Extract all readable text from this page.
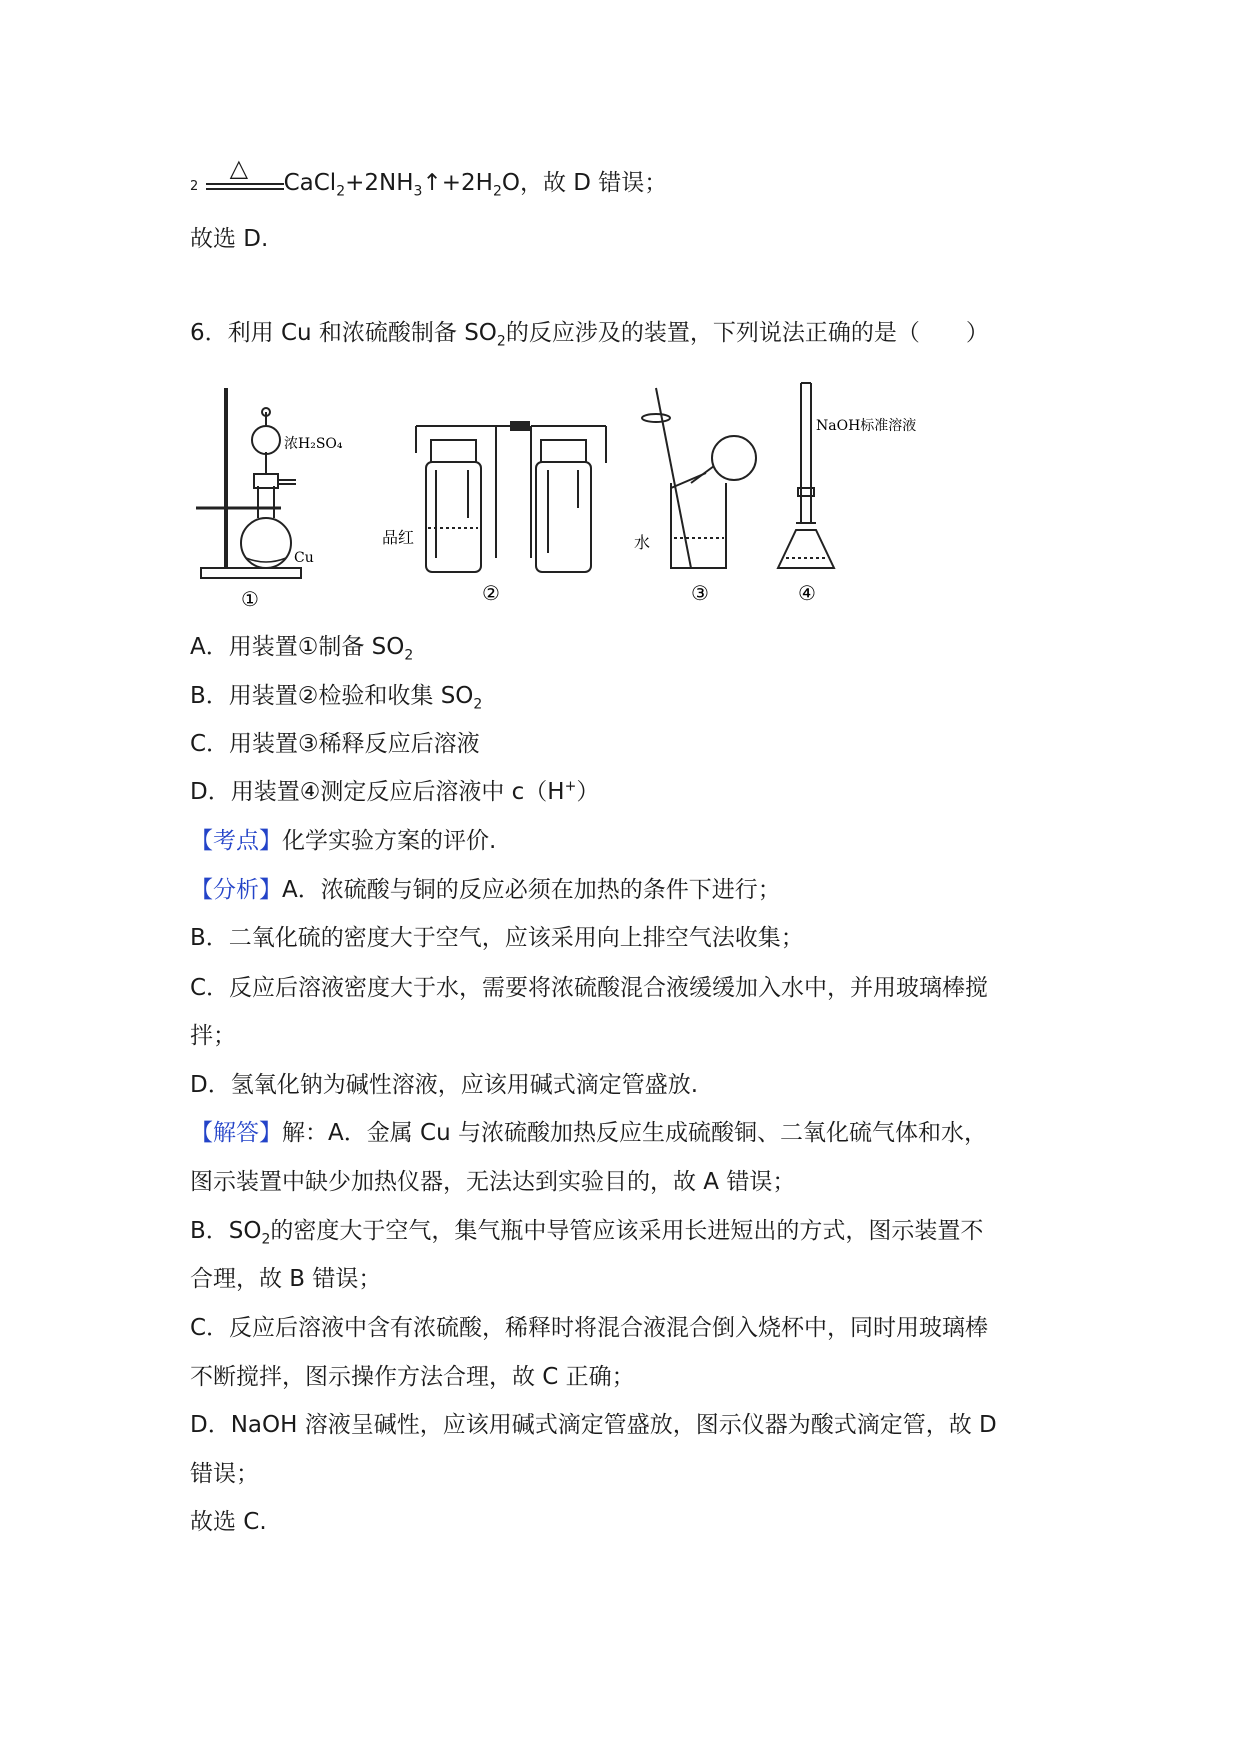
2
△
$CaCl_2+2NH_3↑+2H_2O$，故 D 错误；
故选 D.
6．利用 Cu 和浓硫酸制备 $SO_2$的反应涉及的装置，下列说法正确的是（　　）
浓H₂SO₄
Cu
品红	水
NaOH标准溶液
①	②	③	④
A．用装置①制备 $SO_2$
B．用装置②检验和收集 $SO_2$
C．用装置③稀释反应后溶液
D．用装置④测定反应后溶液中 c（H+）
【考点】化学实验方案的评价.
【分析】A．浓硫酸与铜的反应必须在加热的条件下进行；
B．二氧化硫的密度大于空气，应该采用向上排空气法收集；
C．反应后溶液密度大于水，需要将浓硫酸混合液缓缓加入水中，并用玻璃棒搅
拌；
D．氢氧化钠为碱性溶液，应该用碱式滴定管盛放.
【解答】解：A．金属 Cu 与浓硫酸加热反应生成硫酸铜、二氧化硫气体和水，
图示装置中缺少加热仪器，无法达到实验目的，故 A 错误；
B．$SO_2$的密度大于空气，集气瓶中导管应该采用长进短出的方式，图示装置不
合理，故 B 错误；
C．反应后溶液中含有浓硫酸，稀释时将混合液混合倒入烧杯中，同时用玻璃棒
不断搅拌，图示操作方法合理，故 C 正确；
D．NaOH 溶液呈碱性，应该用碱式滴定管盛放，图示仪器为酸式滴定管，故 D
错误；
故选 C.
